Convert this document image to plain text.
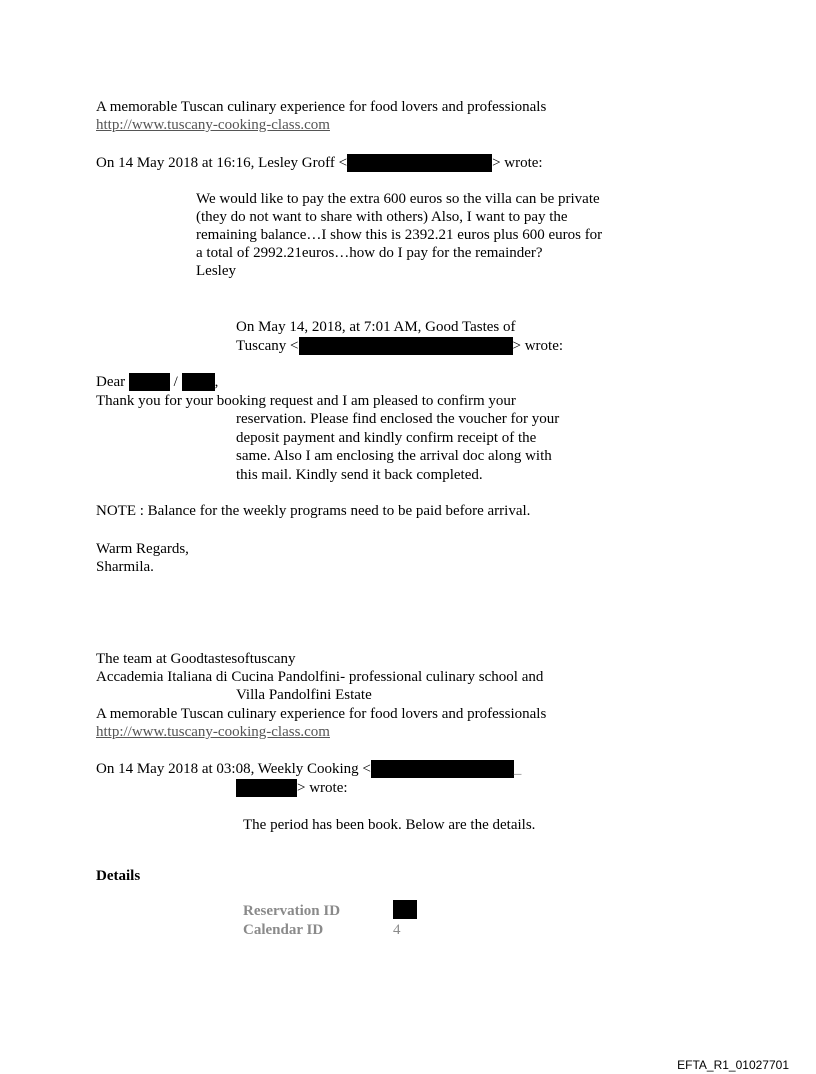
A memorable Tuscan culinary experience for food lovers and professionals
http://www.tuscany-cooking-class.com
On 14 May 2018 at 16:16, Lesley Groff <	> wrote:
We would like to pay the extra 600 euros so the villa can be private
(they do not want to share with others) Also, I want to pay the
remaining balance…I show this is 2392.21 euros plus 600 euros for
a total of 2992.21euros…how do I pay for the remainder?
Lesley
On May 14, 2018, at 7:01 AM, Good Tastes of
Tuscany <	> wrote:
Dear	/ ,
Thank you for your booking request and I am pleased to confirm your
reservation. Please find enclosed the voucher for your
deposit payment and kindly confirm receipt of the
same. Also I am enclosing the arrival doc along with
this mail. Kindly send it back completed.
NOTE : Balance for the weekly programs need to be paid before arrival.
Warm Regards,
Sharmila.
The team at Goodtastesoftuscany
Accademia Italiana di Cucina Pandolfini- professional culinary school and
Villa Pandolfini Estate
A memorable Tuscan culinary experience for food lovers and professionals
http://www.tuscany-cooking-class.com
On 14 May 2018 at 03:08, Weekly Cooking <	_
> wrote:
The period has been book. Below are the details.
Details
Reservation ID
Calendar ID	4
EFTA_R1_01027701
